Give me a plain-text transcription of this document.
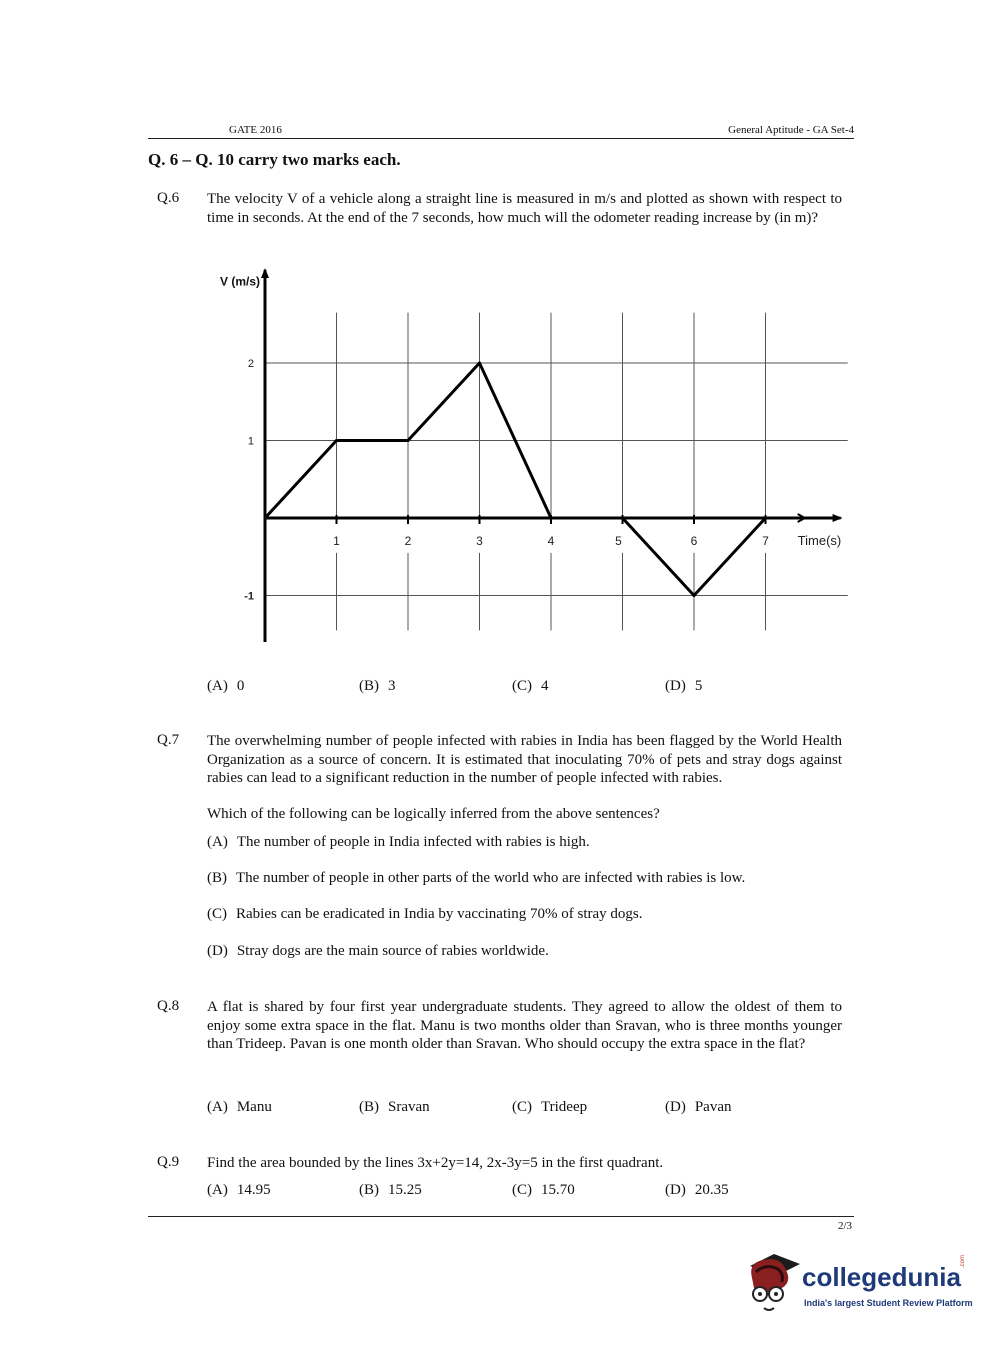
GATE 2016	General Aptitude - GA Set-4
Q. 6 – Q. 10 carry two marks each.
Q.6 The velocity V of a vehicle along a straight line is measured in m/s and plotted as shown with respect to time in seconds. At the end of the 7 seconds, how much will the odometer reading increase by (in m)?
1	2	3	4	5	6	7
2
1
-1
V (m/s)
Time(s)
(A) 0	(B) 3	(C) 4	(D) 5
Q.7 The overwhelming number of people infected with rabies in India has been flagged by the World Health Organization as a source of concern. It is estimated that inoculating 70% of pets and stray dogs against rabies can lead to a significant reduction in the number of people infected with rabies.
Which of the following can be logically inferred from the above sentences?
(A) The number of people in India infected with rabies is high.
(B) The number of people in other parts of the world who are infected with rabies is low.
(C) Rabies can be eradicated in India by vaccinating 70% of stray dogs.
(D) Stray dogs are the main source of rabies worldwide.
Q.8 A flat is shared by four first year undergraduate students. They agreed to allow the oldest of them to enjoy some extra space in the flat. Manu is two months older than Sravan, who is three months younger than Trideep. Pavan is one month older than Sravan. Who should occupy the extra space in the flat?
(A) Manu	(B) Sravan	(C) Trideep	(D) Pavan
Q.9 Find the area bounded by the lines 3x+2y=14, 2x-3y=5 in the first quadrant.
(A) 14.95	(B) 15.25	(C) 15.70	(D) 20.35
2/3
collegedunia
.com
India's largest Student Review Platform
